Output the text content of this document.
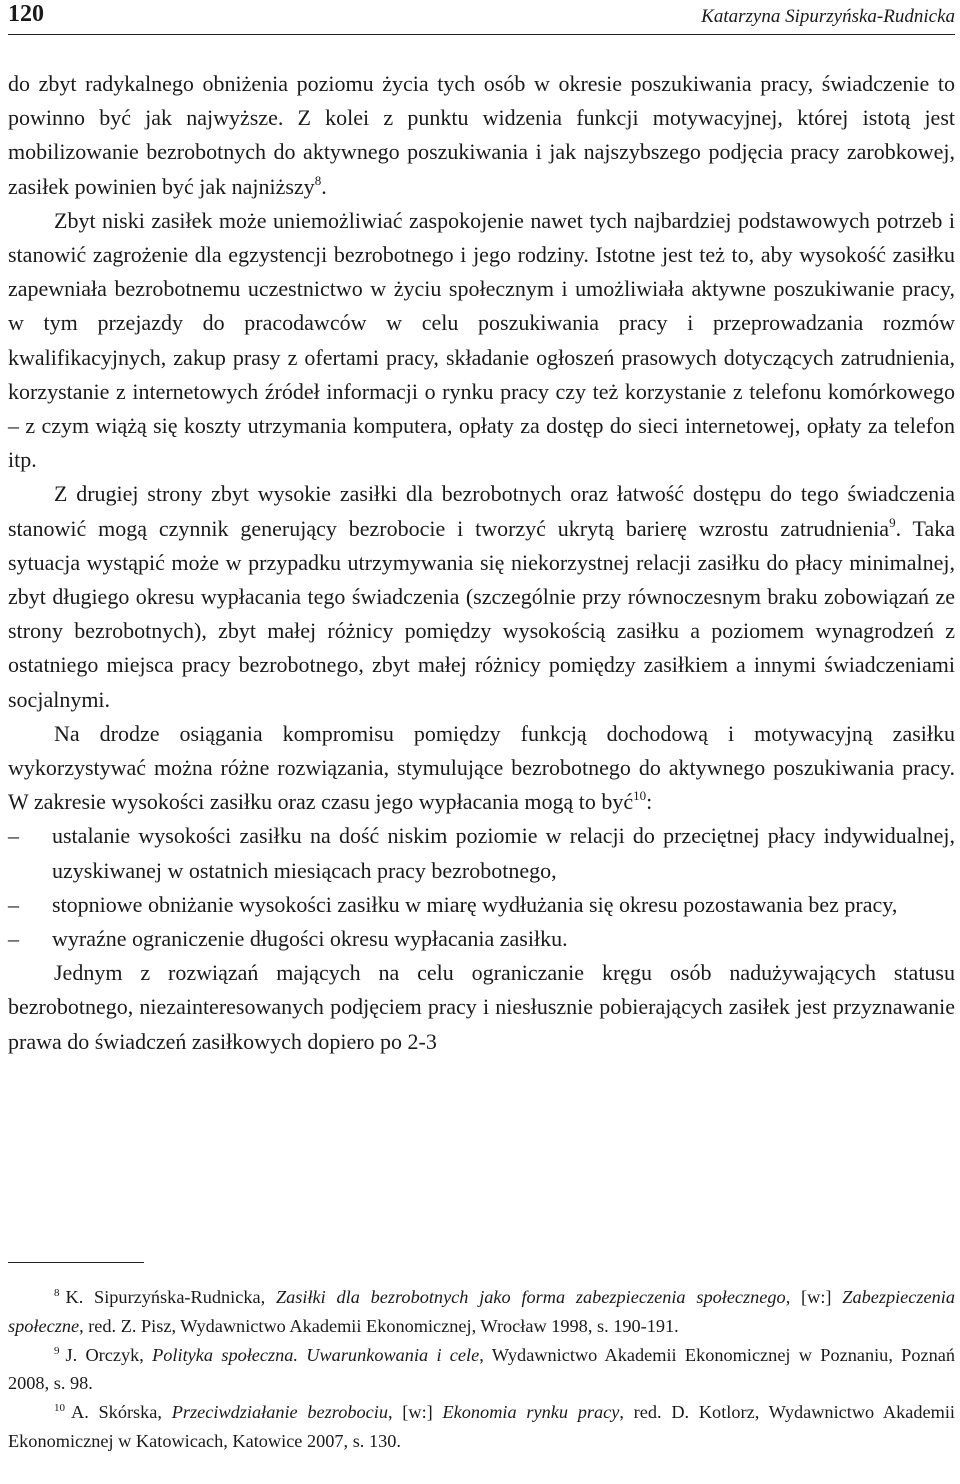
120	Katarzyna Sipurzyńska-Rudnicka

do zbyt radykalnego obniżenia poziomu życia tych osób w okresie poszukiwania pracy, świadczenie to powinno być jak najwyższe. Z kolei z punktu widzenia funkcji motywacyjnej, której istotą jest mobilizowanie bezrobotnych do aktywnego poszukiwania i jak najszybszego podjęcia pracy zarobkowej, zasiłek powinien być jak najniższy$^8$.

Zbyt niski zasiłek może uniemożliwiać zaspokojenie nawet tych najbardziej podstawowych potrzeb i stanowić zagrożenie dla egzystencji bezrobotnego i jego rodziny. Istotne jest też to, aby wysokość zasiłku zapewniała bezrobotnemu uczestnictwo w życiu społecznym i umożliwiała aktywne poszukiwanie pracy, w tym przejazdy do pracodawców w celu poszukiwania pracy i przeprowadzania rozmów kwalifikacyjnych, zakup prasy z ofertami pracy, składanie ogłoszeń prasowych dotyczących zatrudnienia, korzystanie z internetowych źródeł informacji o rynku pracy czy też korzystanie z telefonu komórkowego – z czym wiążą się koszty utrzymania komputera, opłaty za dostęp do sieci internetowej, opłaty za telefon itp.

Z drugiej strony zbyt wysokie zasiłki dla bezrobotnych oraz łatwość dostępu do tego świadczenia stanowić mogą czynnik generujący bezrobocie i tworzyć ukrytą barierę wzrostu zatrudnienia$^9$. Taka sytuacja wystąpić może w przypadku utrzymywania się niekorzystnej relacji zasiłku do płacy minimalnej, zbyt długiego okresu wypłacania tego świadczenia (szczególnie przy równoczesnym braku zobowiązań ze strony bezrobotnych), zbyt małej różnicy pomiędzy wysokością zasiłku a poziomem wynagrodzeń z ostatniego miejsca pracy bezrobotnego, zbyt małej różnicy pomiędzy zasiłkiem a innymi świadczeniami socjalnymi.

Na drodze osiągania kompromisu pomiędzy funkcją dochodową i motywacyjną zasiłku wykorzystywać można różne rozwiązania, stymulujące bezrobotnego do aktywnego poszukiwania pracy. W zakresie wysokości zasiłku oraz czasu jego wypłacania mogą to być$^{10}$:

– ustalanie wysokości zasiłku na dość niskim poziomie w relacji do przeciętnej płacy indywidualnej, uzyskiwanej w ostatnich miesiącach pracy bezrobotnego,
– stopniowe obniżanie wysokości zasiłku w miarę wydłużania się okresu pozostawania bez pracy,
– wyraźne ograniczenie długości okresu wypłacania zasiłku.

Jednym z rozwiązań mających na celu ograniczanie kręgu osób nadużywających statusu bezrobotnego, niezainteresowanych podjęciem pracy i niesłusznie pobierających zasiłek jest przyznawanie prawa do świadczeń zasiłkowych dopiero po 2-3

$^8$ K. Sipurzyńska-Rudnicka, Zasiłki dla bezrobotnych jako forma zabezpieczenia społecznego, [w:] Zabezpieczenia społeczne, red. Z. Pisz, Wydawnictwo Akademii Ekonomicznej, Wrocław 1998, s. 190-191.

$^9$ J. Orczyk, Polityka społeczna. Uwarunkowania i cele, Wydawnictwo Akademii Ekonomicznej w Poznaniu, Poznań 2008, s. 98.

$^{10}$ A. Skórska, Przeciwdziałanie bezrobociu, [w:] Ekonomia rynku pracy, red. D. Kotlorz, Wydawnictwo Akademii Ekonomicznej w Katowicach, Katowice 2007, s. 130.
